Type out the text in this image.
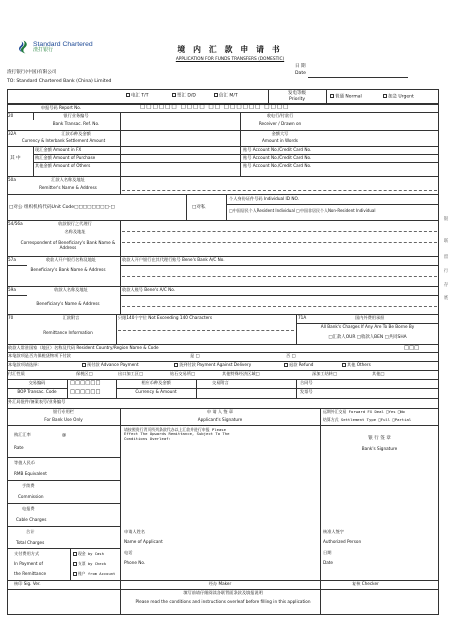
Standard Chartered
渣打银行
渣打银行(中国)有限公司
TO: Standard Chartered Bank (China) Limited
境 内 汇 款 申 请 书
APPLICATION FOR FUNDS TRANSFERS (DOMESTIC)
日 期
Date
电汇 T/T	票汇 D/D	信汇 M/T	发电等级
Priority	普通 Normal	加急 Urgent
申报号码 Report No.	□□□□□□ □□□□ □□ □□□□□□ □□□□
20	银行业务编号
Bank Transac. Ref. No.
收电行/付款行
Receiver / Drawn on
32A	汇款币种及金额
Currency & Interbank Settlement Amount
金额大写
Amount in Words
其 中
现汇金额 Amount in FX	账号 Account No./Credit Card No.
购汇金额 Amount of Purchase	账号 Account No./Credit Card No.
其他金额 Amount of Others	账号 Account No./Credit Card No.
50a	汇款人名称及地址
Remitter's Name & Address
□对公 组织机构代码Unit Code□□□□□□□□-□	□对私
个人身份证件号码 Individual ID NO.
□中国居民个人Resident Individual □中国非居民个人Non-Resident Individual
54/56a	收款银行之代理行
名称及地址
Correspondent of Beneficiary's Bank Name & Address
57a	收款人开户银行名称及地址	收款人开户银行在其代理行账号 Bene's Bank A/C No.
Beneficiary's Bank Name & Address
59a	收款人名称及地址	收款人账号 Bene's A/C No.
Beneficiary's Name & Address
70	汇款附言
Remittance Information
只限140个字位 Not Exceeding 140 Characters	71A	国内外费用承担
All Bank's Charges If Any Are To Be Borne By
□汇款人OUR □收款人BEN □共同SHA
收款人常驻国家（地区）名称及代码 Resident Country/Region Name & Code	□□□
本笔款项是否为保税货物项下付款	是 □	否 □
本笔款项请选择:	预付款 Advance Payment	货到付款 Payment Against Delivery	退款 Refund	其他 Others
付汇性质	保税区□	出口加工区□	钻石交易所□	其他特殊经济区域□	深加工结转□	其他□
交易编码
BOP Transac. Code
□□□□□□
□□□□□□
相应币种及金额
Currency & Amount
交易附言	合同号
发票号
外汇局批件/备案表号/业务编号
银行专用栏
For Bank Use Only
申 请 人 签 章
Applicant's Signature
请按照贵行背页所列条款代办以上汇款并进行申报 Please Effect The Upwards Remittance, Subject To The Conditions Overleaf:
远期外汇交易 Forward FX Deal □Yes □No
结算方式 Settlement Type □Full □Partial
银 行 签 章
Bank's Signature
购汇汇率	@
Rate
等值人民币
RMB Equivalent
手续费
Commission
电报费
Cable Charges
合计
Total Charges
支付费用方式
In Payment of
the Remittance
现金 by Cash
支票 by Check
账户 from Account
申请人姓名
Name of Applicant
电话
Phone No.
核准人签字
Authorized Person
日期
Date
核印 Sig. Ver.	经办 Maker	复核 Checker
填写前请仔细阅读各联背面条款及填报说明
Please read the conditions and instructions overleaf before filling in this application
银
联
留
行
存
底
